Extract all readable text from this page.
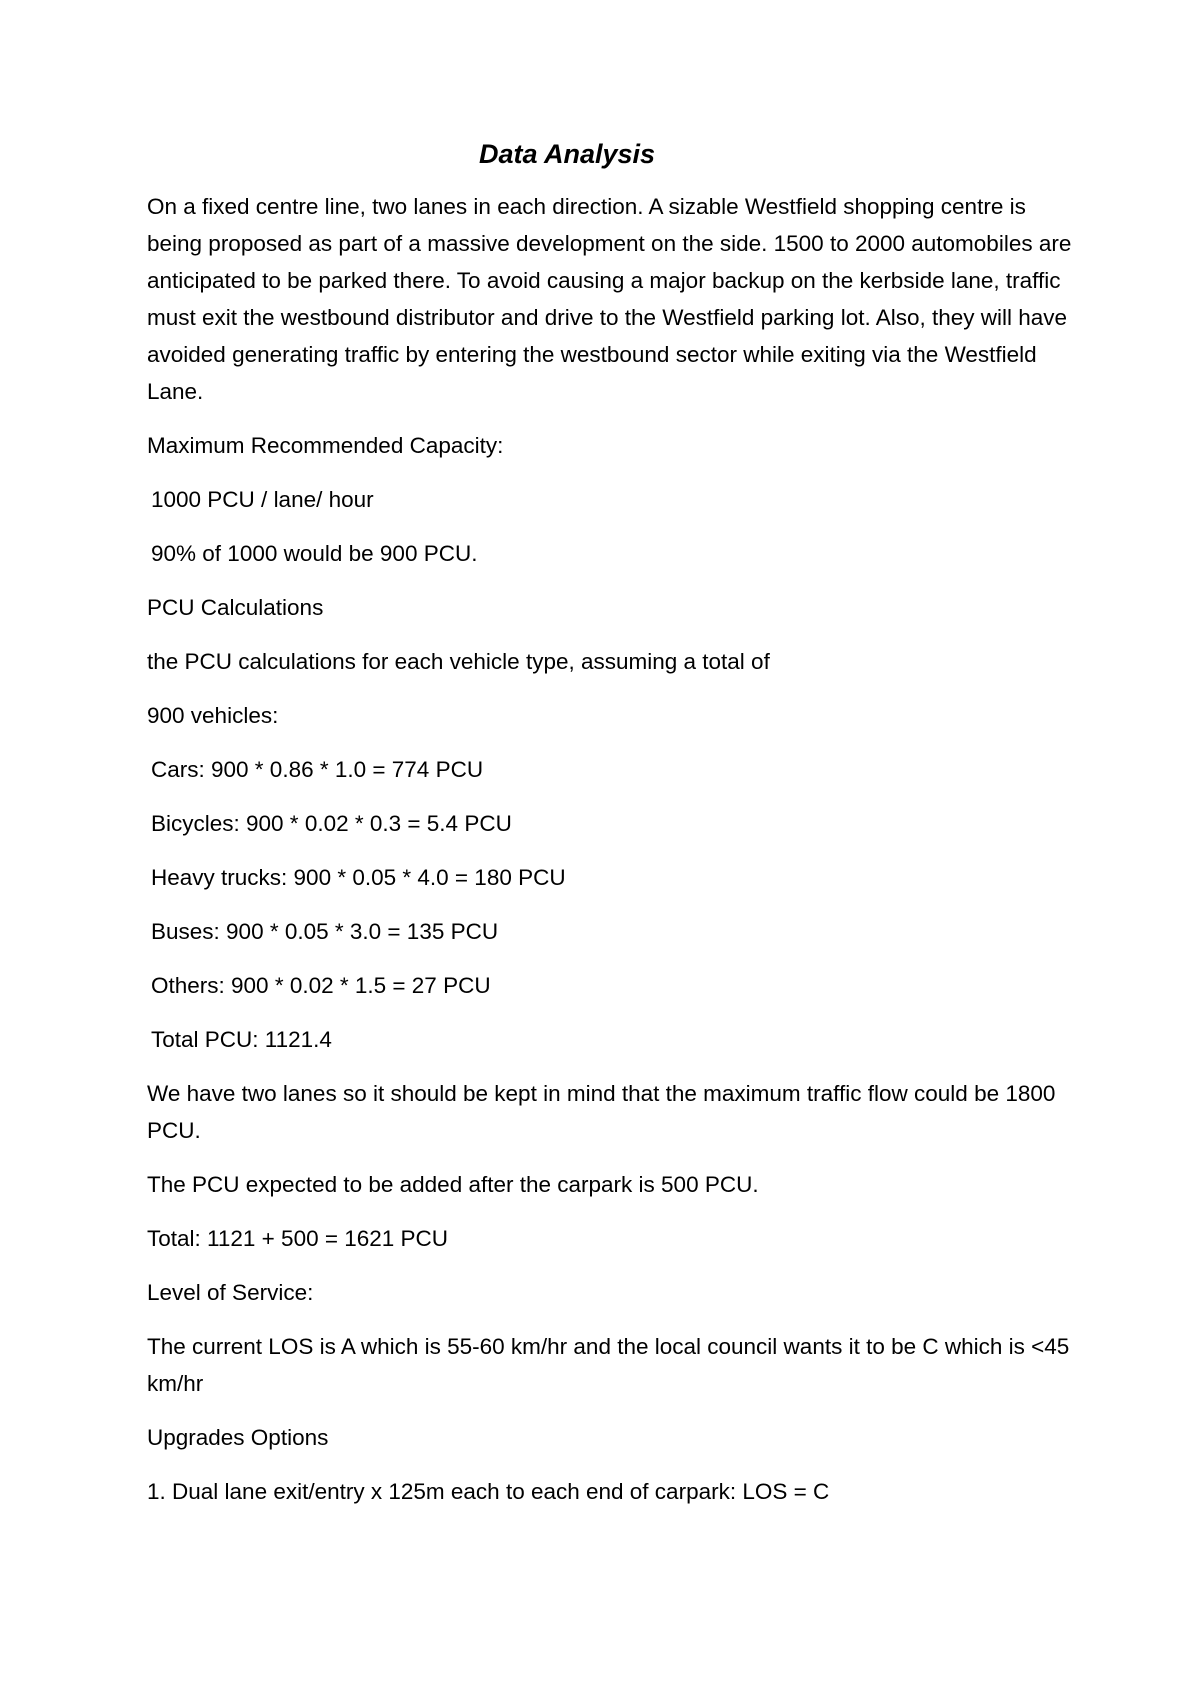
Data Analysis

On a fixed centre line, two lanes in each direction. A sizable Westfield shopping centre is being proposed as part of a massive development on the side. 1500 to 2000 automobiles are anticipated to be parked there. To avoid causing a major backup on the kerbside lane, traffic must exit the westbound distributor and drive to the Westfield parking lot. Also, they will have avoided generating traffic by entering the westbound sector while exiting via the Westfield Lane.

Maximum Recommended Capacity:

1000 PCU / lane/ hour

90% of 1000 would be 900 PCU.

PCU Calculations

the PCU calculations for each vehicle type, assuming a total of

900 vehicles:

Cars: 900 * 0.86 * 1.0 = 774 PCU

Bicycles: 900 * 0.02 * 0.3 = 5.4 PCU

Heavy trucks: 900 * 0.05 * 4.0 = 180 PCU

Buses: 900 * 0.05 * 3.0 = 135 PCU

Others: 900 * 0.02 * 1.5 = 27 PCU

Total PCU: 1121.4

We have two lanes so it should be kept in mind that the maximum traffic flow could be 1800 PCU.

The PCU expected to be added after the carpark is 500 PCU.

Total: 1121 + 500 = 1621 PCU

Level of Service:

The current LOS is A which is 55-60 km/hr and the local council wants it to be C which is <45 km/hr

Upgrades Options

1. Dual lane exit/entry x 125m each to each end of carpark: LOS = C
